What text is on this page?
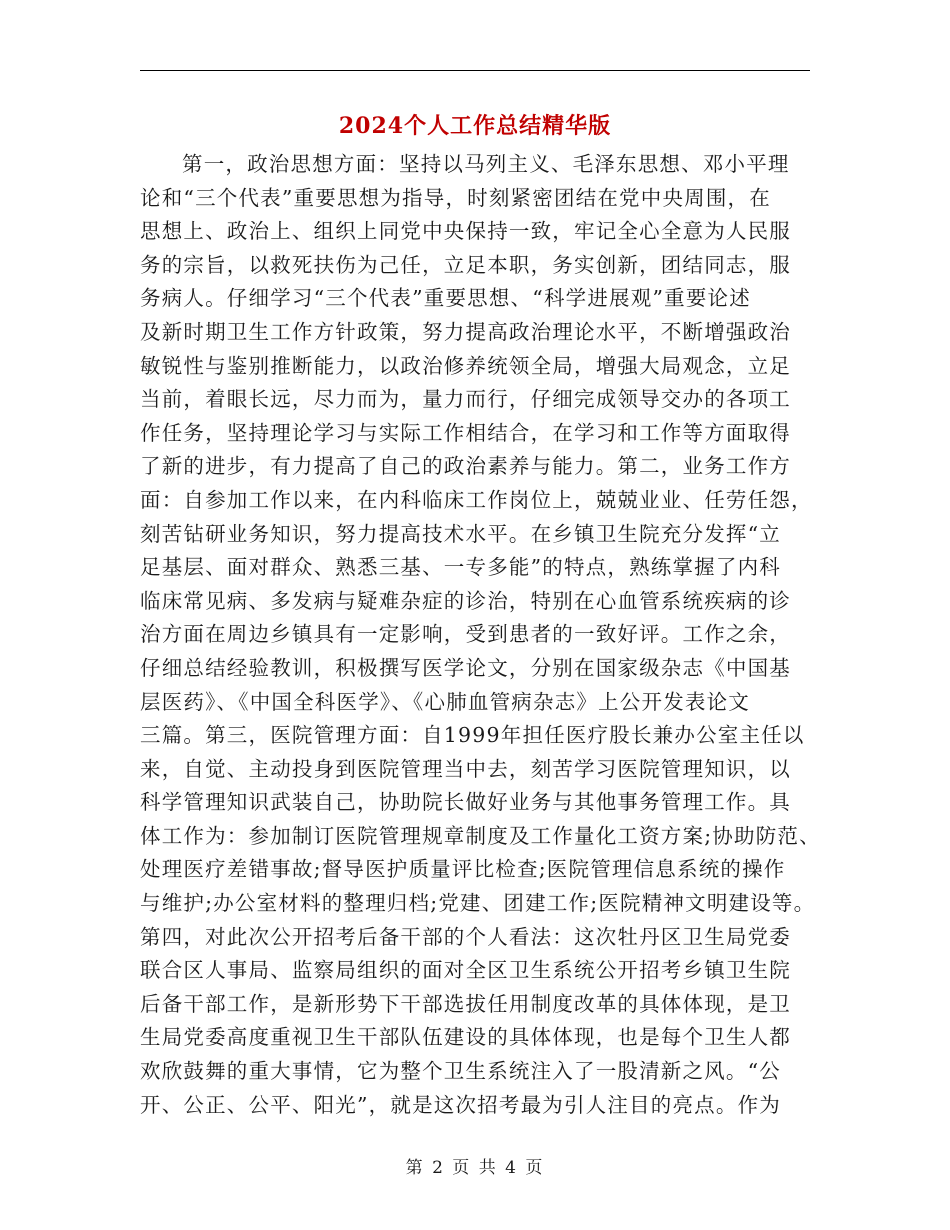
2024个人工作总结精华版
第一，政治思想方面：坚持以马列主义、毛泽东思想、邓小平理
论和“三个代表”重要思想为指导，时刻紧密团结在党中央周围，在
思想上、政治上、组织上同党中央保持一致，牢记全心全意为人民服
务的宗旨，以救死扶伤为己任，立足本职，务实创新，团结同志，服
务病人。仔细学习“三个代表”重要思想、“科学进展观”重要论述
及新时期卫生工作方针政策，努力提高政治理论水平，不断增强政治
敏锐性与鉴别推断能力，以政治修养统领全局，增强大局观念，立足
当前，着眼长远，尽力而为，量力而行，仔细完成领导交办的各项工
作任务，坚持理论学习与实际工作相结合，在学习和工作等方面取得
了新的进步，有力提高了自己的政治素养与能力。第二，业务工作方
面：自参加工作以来，在内科临床工作岗位上，兢兢业业、任劳任怨，
刻苦钻研业务知识，努力提高技术水平。在乡镇卫生院充分发挥“立
足基层、面对群众、熟悉三基、一专多能”的特点，熟练掌握了内科
临床常见病、多发病与疑难杂症的诊治，特别在心血管系统疾病的诊
治方面在周边乡镇具有一定影响，受到患者的一致好评。工作之余，
仔细总结经验教训，积极撰写医学论文，分别在国家级杂志《中国基
层医药》、《中国全科医学》、《心肺血管病杂志》上公开发表论文
三篇。第三，医院管理方面：自1999年担任医疗股长兼办公室主任以
来，自觉、主动投身到医院管理当中去，刻苦学习医院管理知识，以
科学管理知识武装自己，协助院长做好业务与其他事务管理工作。具
体工作为：参加制订医院管理规章制度及工作量化工资方案;协助防范、
处理医疗差错事故;督导医护质量评比检查;医院管理信息系统的操作
与维护;办公室材料的整理归档;党建、团建工作;医院精神文明建设等。
第四，对此次公开招考后备干部的个人看法：这次牡丹区卫生局党委
联合区人事局、监察局组织的面对全区卫生系统公开招考乡镇卫生院
后备干部工作，是新形势下干部选拔任用制度改革的具体体现，是卫
生局党委高度重视卫生干部队伍建设的具体体现，也是每个卫生人都
欢欣鼓舞的重大事情，它为整个卫生系统注入了一股清新之风。“公
开、公正、公平、阳光”，就是这次招考最为引人注目的亮点。作为
第 2 页 共 4 页
